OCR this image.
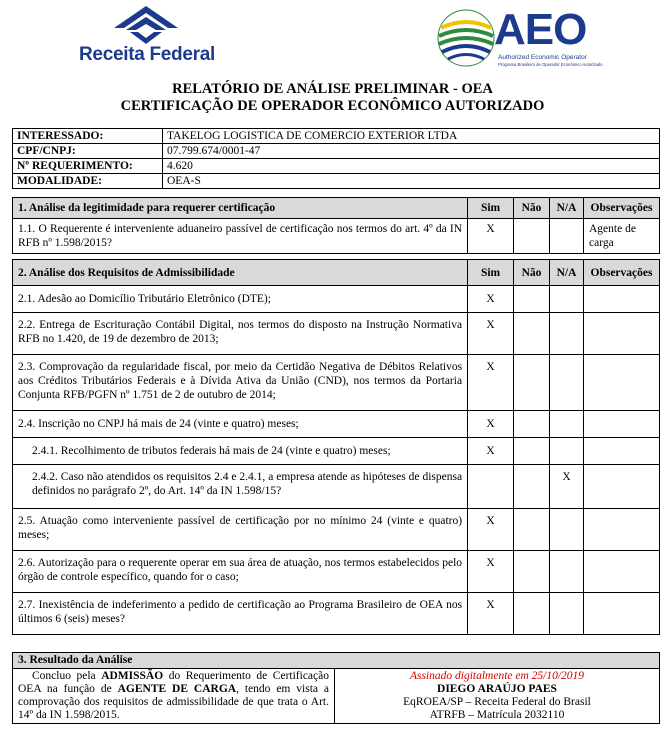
Receita Federal
AEO
Authorized Economic Operator
Programa Brasileiro de Operador Econômico Autorizado
RELATÓRIO DE ANÁLISE PRELIMINAR - OEA
CERTIFICAÇÃO DE OPERADOR ECONÔMICO AUTORIZADO
INTERESSADO:	TAKELOG LOGISTICA DE COMERCIO EXTERIOR LTDA
CPF/CNPJ:	07.799.674/0001-47
Nº REQUERIMENTO:	4.620
MODALIDADE:	OEA-S
1. Análise da legitimidade para requerer certificação	Sim	Não	N/A	Observações
1.1. O Requerente é interveniente aduaneiro passível de certificação nos termos do art. 4º da IN RFB nº 1.598/2015?	X			Agente de carga
2. Análise dos Requisitos de Admissibilidade	Sim	Não	N/A	Observações
2.1. Adesão ao Domicílio Tributário Eletrônico (DTE);	X			
2.2. Entrega de Escrituração Contábil Digital, nos termos do disposto na Instrução Normativa RFB no 1.420, de 19 de dezembro de 2013;	X			
2.3. Comprovação da regularidade fiscal, por meio da Certidão Negativa de Débitos Relativos aos Créditos Tributários Federais e à Dívida Ativa da União (CND), nos termos da Portaria Conjunta RFB/PGFN nº 1.751 de 2 de outubro de 2014;	X			
2.4. Inscrição no CNPJ há mais de 24 (vinte e quatro) meses;	X			
2.4.1. Recolhimento de tributos federais há mais de 24 (vinte e quatro) meses;	X			
2.4.2. Caso não atendidos os requisitos 2.4 e 2.4.1, a empresa atende as hipóteses de dispensa definidos no parágrafo 2º, do Art. 14º da IN 1.598/15?			X	
2.5. Atuação como interveniente passível de certificação por no mínimo 24 (vinte e quatro) meses;	X			
2.6. Autorização para o requerente operar em sua área de atuação, nos termos estabelecidos pelo órgão de controle específico, quando for o caso;	X			
2.7. Inexistência de indeferimento a pedido de certificação ao Programa Brasileiro de OEA nos últimos 6 (seis) meses?	X			
3. Resultado da Análise
Concluo pela ADMISSÃO do Requerimento de Certificação OEA na função de AGENTE DE CARGA, tendo em vista a comprovação dos requisitos de admissibilidade de que trata o Art. 14º da IN 1.598/2015.	
Assinado digitalmente em 25/10/2019
DIEGO ARAÚJO PAES
EqROEA/SP – Receita Federal do Brasil
ATRFB – Matrícula 2032110
